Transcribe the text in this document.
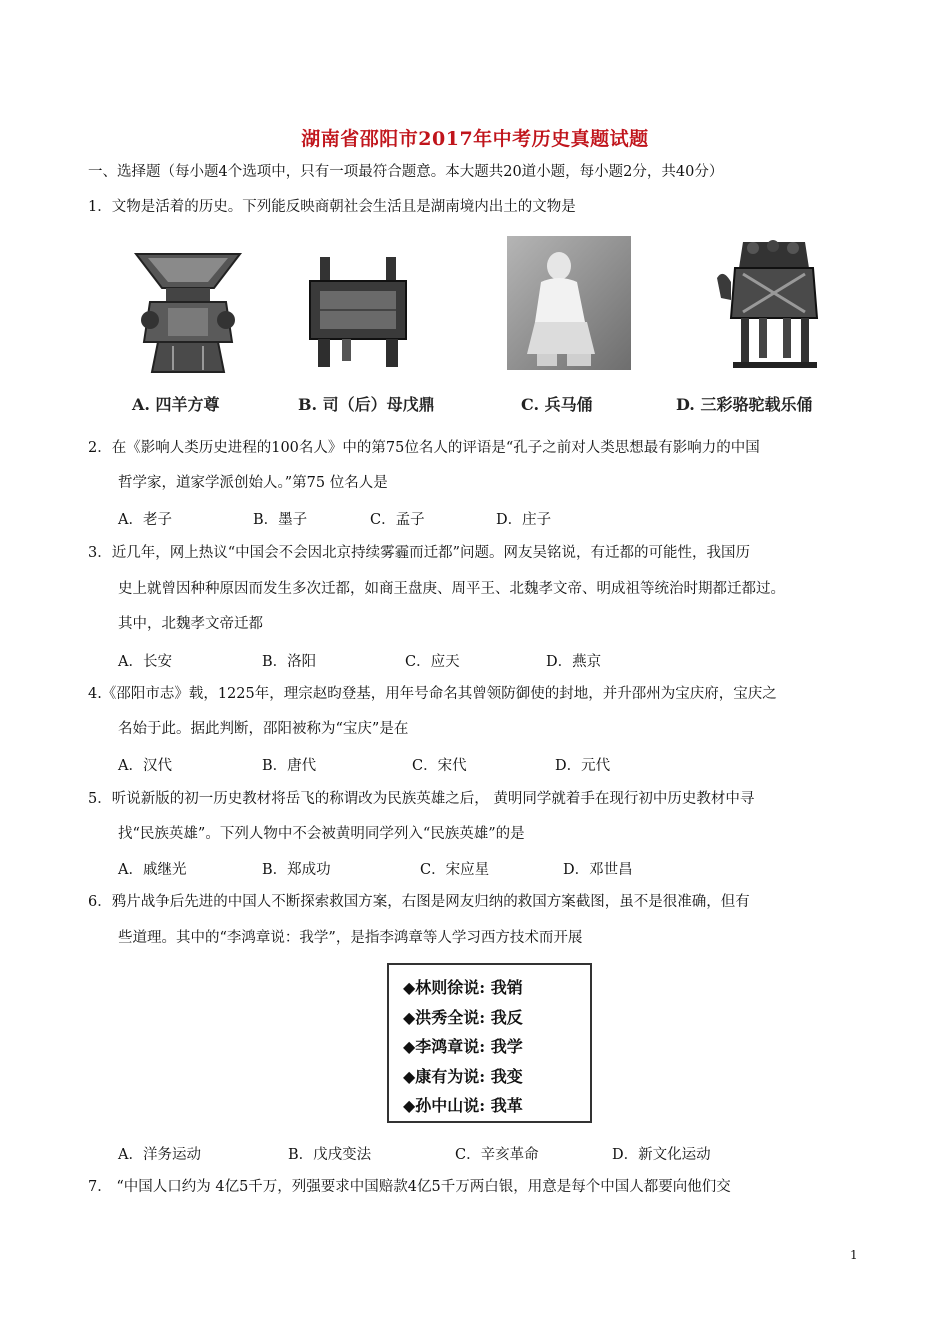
湖南省邵阳市2017年中考历史真题试题
一、选择题（每小题4个选项中，只有一项最符合题意。本大题共20道小题，每小题2分，共40分）
1．文物是活着的历史。下列能反映商朝社会生活且是湖南境内出土的文物是
A. 四羊方尊	B. 司（后）母戊鼎	C. 兵马俑	D. 三彩骆驼载乐俑
2．在《影响人类历史进程的100名人》中的第75位名人的评语是“孔子之前对人类思想最有影响力的中国
哲学家，道家学派创始人。”第75 位名人是
A．老子	B．墨子	C．孟子	D．庄子
3．近几年，网上热议“中国会不会因北京持续雾霾而迁都”问题。网友吴铭说，有迁都的可能性，我国历
史上就曾因种种原因而发生多次迁都，如商王盘庚、周平王、北魏孝文帝、明成祖等统治时期都迁都过。
其中，北魏孝文帝迁都
A．长安	B．洛阳	C．应天	D．燕京
4.《邵阳市志》载，1225年，理宗赵昀登基，用年号命名其曾领防御使的封地，并升邵州为宝庆府，宝庆之
名始于此。据此判断，邵阳被称为“宝庆”是在
A．汉代	B．唐代	C．宋代	D．元代
5．听说新版的初一历史教材将岳飞的称谓改为民族英雄之后， 黄明同学就着手在现行初中历史教材中寻
找“民族英雄”。下列人物中不会被黄明同学列入“民族英雄”的是
A．戚继光	B．郑成功	C．宋应星	D．邓世昌
6．鸦片战争后先进的中国人不断探索救国方案，右图是网友归纳的救国方案截图，虽不是很准确，但有
些道理。其中的“李鸿章说：我学”，是指李鸿章等人学习西方技术而开展
◆林则徐说: 我销
◆洪秀全说: 我反
◆李鸿章说: 我学
◆康有为说: 我变
◆孙中山说: 我革
A．洋务运动	B．戊戌变法	C．辛亥革命	D．新文化运动
7． “中国人口约为 4亿5千万，列强要求中国赔款4亿5千万两白银，用意是每个中国人都要向他们交
1
